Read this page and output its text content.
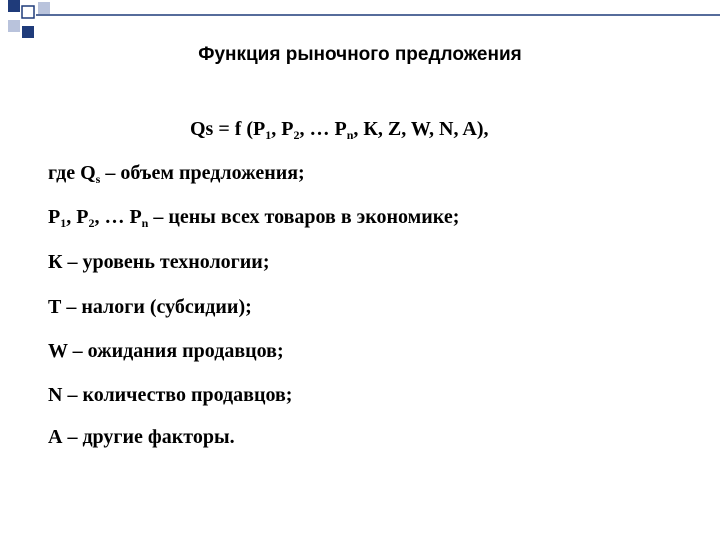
Функция рыночного предложения
Qs = f ($P_1$, $P_2$, … $P_n$, К, Z, W, N, A),
где $Q_s$ – объем предложения;
$P_1$, $P_2$, … $P_n$ – цены всех товаров в экономике;
К – уровень технологии;
Т – налоги (субсидии);
W – ожидания продавцов;
N – количество продавцов;
А – другие факторы.
